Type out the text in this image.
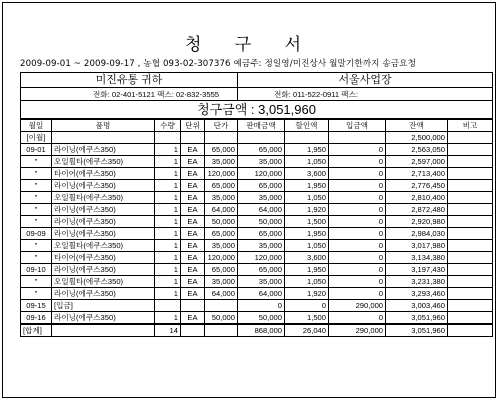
청 구 서
2009-09-01 ~ 2009-09-17 , 농협 093-02-307376 예금주: 정일영/미진상사 월말기한까지 송금요청
미진유통 귀하					서울사업장				
전화: 02-401-5121 팩스: 02-832-3555					전화: 011-522-0911 팩스:				
청구금액 : 3,051,960									
월일	품명	수량	단위	단가	판매금액	할인액	입금액	잔액	비고
[이월]								2,500,000	
09-01	라이닝(에쿠스350)	1	EA	65,000	65,000	1,950	0	2,563,050	
"	오일휠타(에쿠스350)	1	EA	35,000	35,000	1,050	0	2,597,000	
"	타이어(에쿠스350)	1	EA	120,000	120,000	3,600	0	2,713,400	
"	라이닝(에쿠스350)	1	EA	65,000	65,000	1,950	0	2,776,450	
"	오일휠타(에쿠스350)	1	EA	35,000	35,000	1,050	0	2,810,400	
"	라이닝(에쿠스350)	1	EA	64,000	64,000	1,920	0	2,872,480	
"	라이닝(에쿠스350)	1	EA	50,000	50,000	1,500	0	2,920,980	
09-09	라이닝(에쿠스350)	1	EA	65,000	65,000	1,950	0	2,984,030	
"	오일휠타(에쿠스350)	1	EA	35,000	35,000	1,050	0	3,017,980	
"	타이어(에쿠스350)	1	EA	120,000	120,000	3,600	0	3,134,380	
09-10	라이닝(에쿠스350)	1	EA	65,000	65,000	1,950	0	3,197,430	
"	오일휠타(에쿠스350)	1	EA	35,000	35,000	1,050	0	3,231,380	
"	라이닝(에쿠스350)	1	EA	64,000	64,000	1,920	0	3,293,460	
09-15	[입금]				0	0	290,000	3,003,460	
09-16	라이닝(에쿠스350)	1	EA	50,000	50,000	1,500	0	3,051,960	
[합계]		14			868,000	26,040	290,000	3,051,960	
